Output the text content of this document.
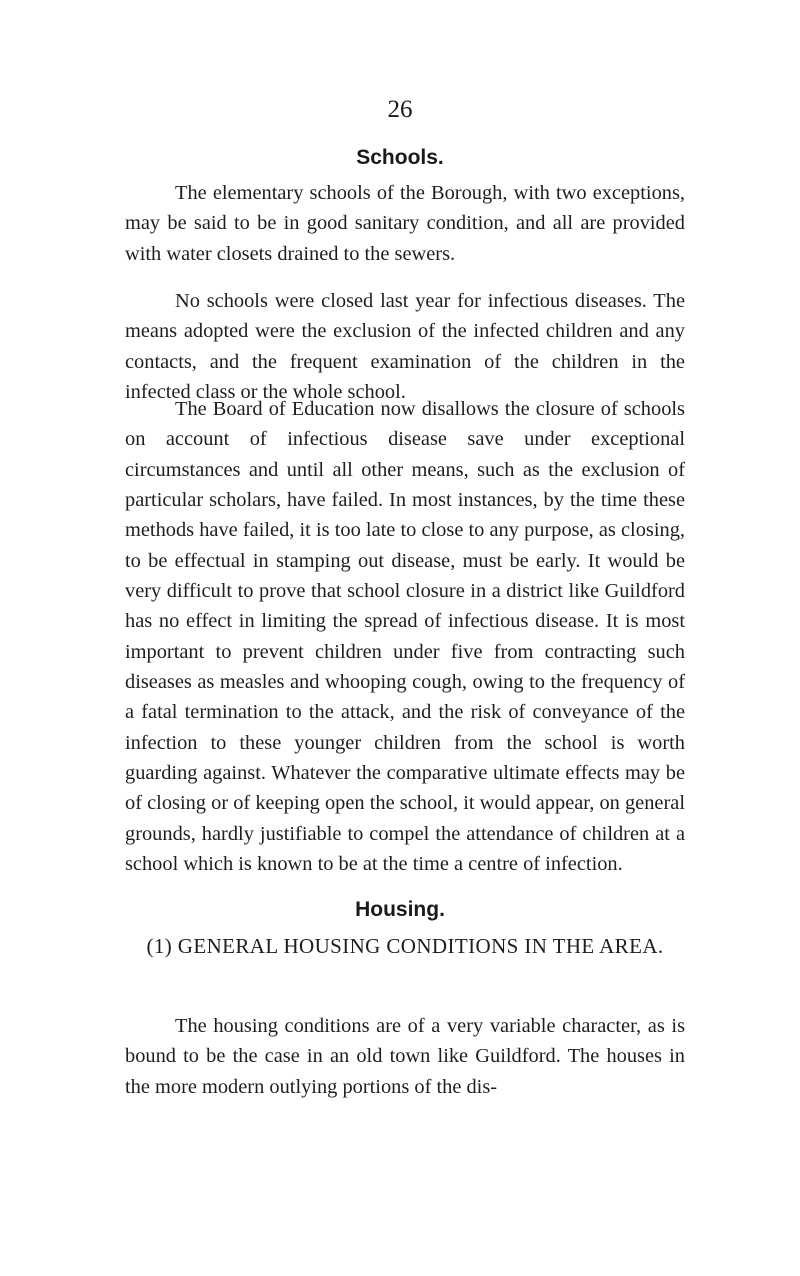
26
Schools.

The elementary schools of the Borough, with two exceptions, may be said to be in good sanitary condition, and all are provided with water closets drained to the sewers.

No schools were closed last year for infectious diseases. The means adopted were the exclusion of the infected children and any contacts, and the frequent examination of the children in the infected class or the whole school.

The Board of Education now disallows the closure of schools on account of infectious disease save under exceptional circumstances and until all other means, such as the exclusion of particular scholars, have failed. In most instances, by the time these methods have failed, it is too late to close to any purpose, as closing, to be effectual in stamping out disease, must be early. It would be very difficult to prove that school closure in a district like Guildford has no effect in limiting the spread of infectious disease. It is most important to prevent children under five from contracting such diseases as measles and whooping cough, owing to the frequency of a fatal termination to the attack, and the risk of conveyance of the infection to these younger children from the school is worth guarding against. Whatever the comparative ultimate effects may be of closing or of keeping open the school, it would appear, on general grounds, hardly justifiable to compel the attendance of children at a school which is known to be at the time a centre of infection.

Housing.

(1) GENERAL HOUSING CONDITIONS IN THE AREA.

The housing conditions are of a very variable character, as is bound to be the case in an old town like Guildford. The houses in the more modern outlying portions of the dis-
